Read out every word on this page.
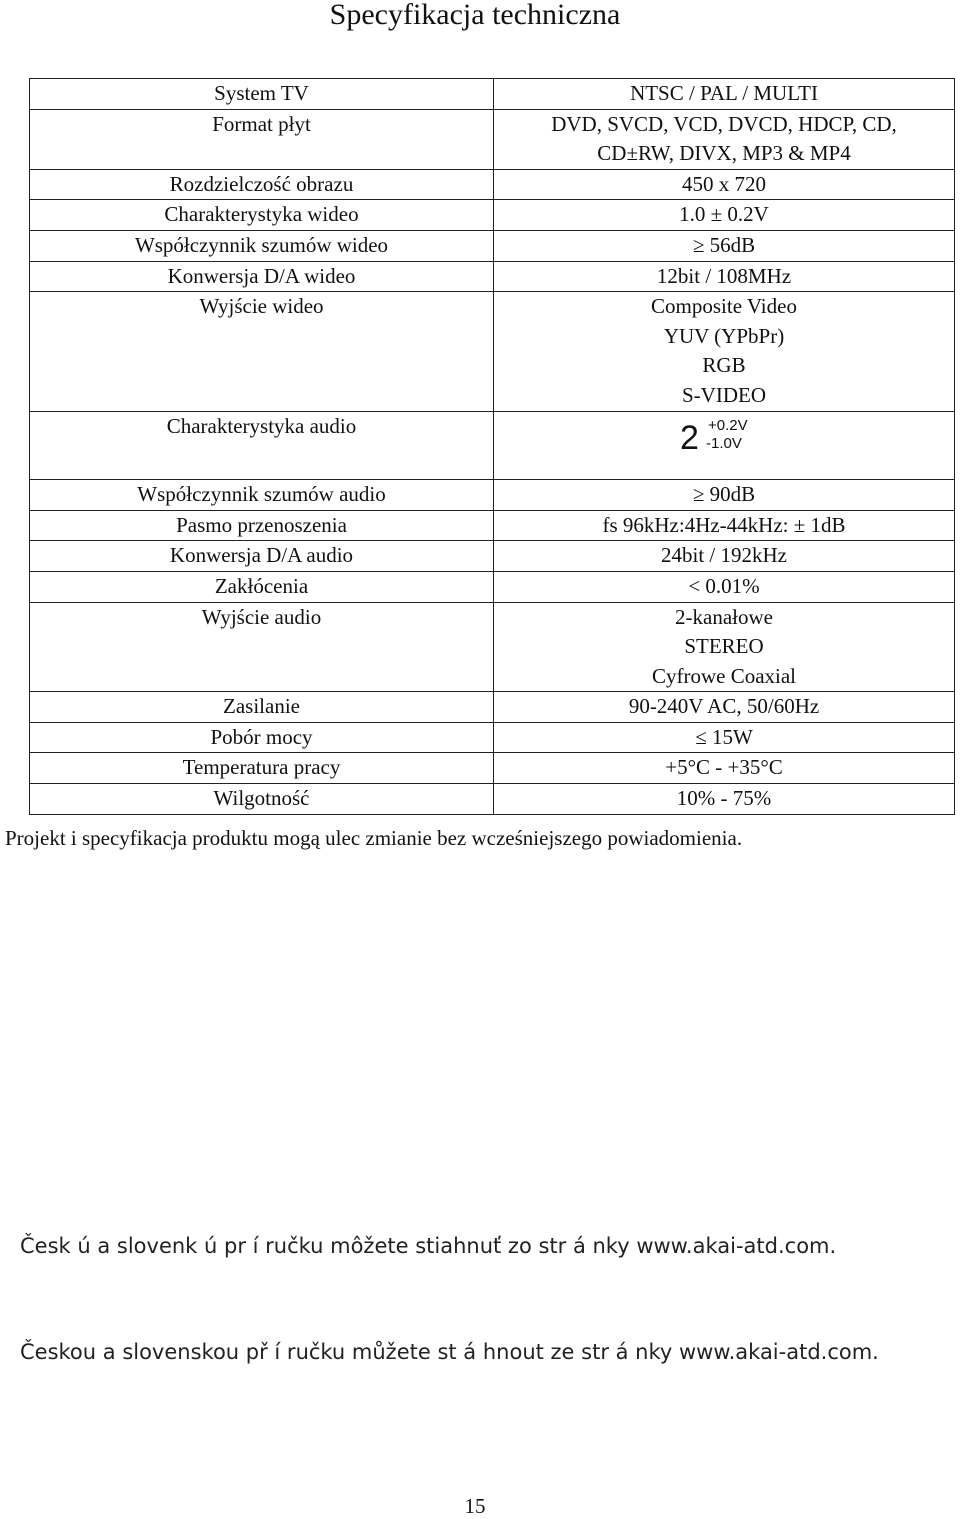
Specyfikacja techniczna
System TV	NTSC / PAL / MULTI

Format płyt	DVD, SVCD, VCD, DVCD, HDCP, CD,
CD±RW, DIVX, MP3 & MP4

Rozdzielczość obrazu	450 x 720

Charakterystyka wideo	1.0 ± 0.2V

Współczynnik szumów wideo	≥ 56dB

Konwersja D/A wideo	12bit / 108MHz

Wyjście wideo	Composite Video
YUV (YPbPr)
RGB
S-VIDEO

Charakterystyka audio	2 +0.2V
-1.0V

Współczynnik szumów audio	≥ 90dB

Pasmo przenoszenia	fs 96kHz:4Hz-44kHz: ± 1dB

Konwersja D/A audio	24bit / 192kHz

Zakłócenia	< 0.01%

Wyjście audio	2-kanałowe
STEREO
Cyfrowe Coaxial

Zasilanie	90-240V AC, 50/60Hz

Pobór mocy	≤ 15W

Temperatura pracy	+5°C - +35°C

Wilgotność	10% - 75%
Projekt i specyfikacja produktu mogą ulec zmianie bez wcześniejszego powiadomienia.
Česk ú a slovenk ú pr í ručku môžete stiahnuť zo str á nky www.akai-atd.com.
Českou a slovenskou př í ručku můžete st á hnout ze str á nky www.akai-atd.com.
15
